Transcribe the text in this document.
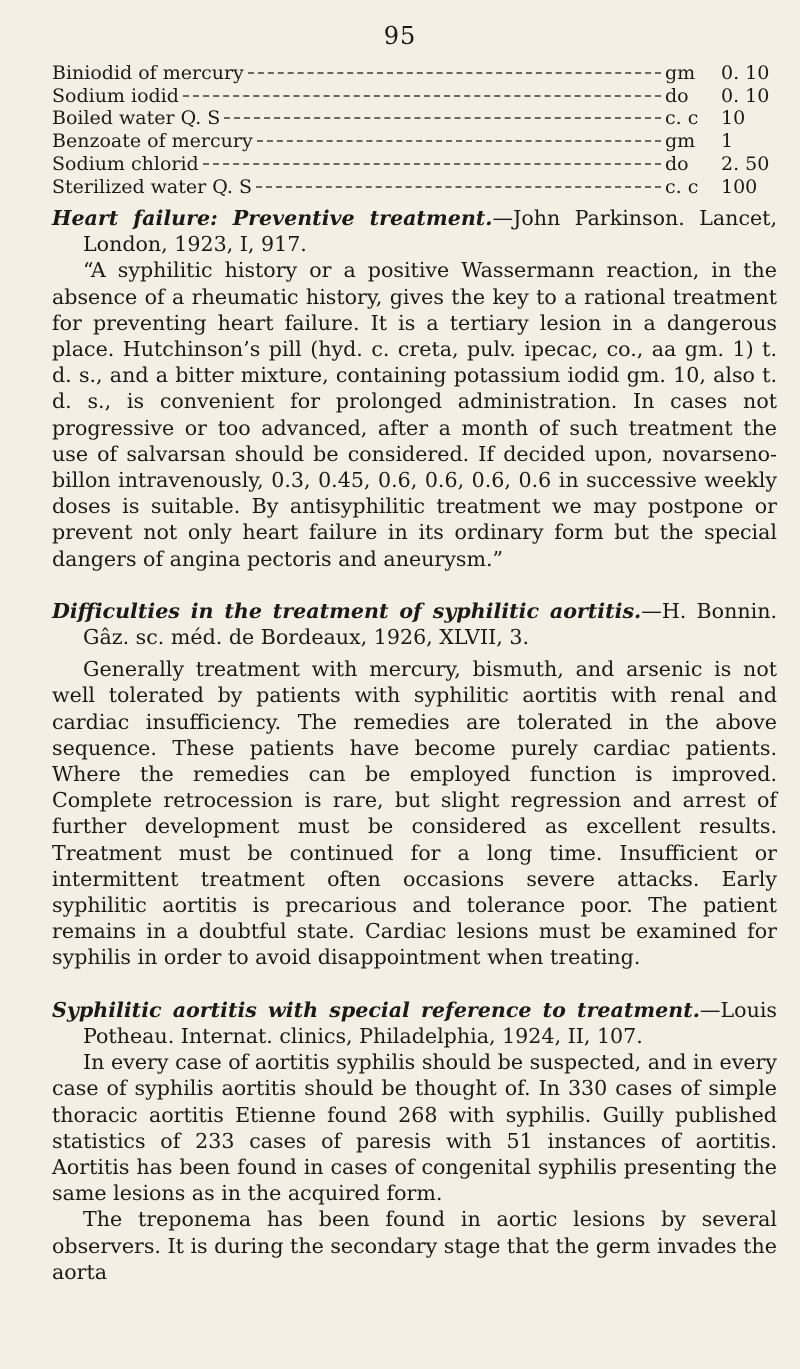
95
Biniodid of mercury	gm	0. 10
Sodium iodid	do	0. 10
Boiled water Q. S	c. c	10
Benzoate of mercury	gm	1
Sodium chlorid	do	2. 50
Sterilized water Q. S	c. c	100
Heart failure: Preventive treatment.—John Parkinson. Lancet,
London, 1923, I, 917.

“A syphilitic history or a positive Wassermann reaction, in the absence of a rheumatic history, gives the key to a rational treatment for preventing heart failure. It is a tertiary lesion in a dangerous place. Hutchinson’s pill (hyd. c. creta, pulv. ipecac, co., aa gm. 1) t. d. s., and a bitter mixture, containing potassium iodid gm. 10, also t. d. s., is convenient for prolonged administration. In cases not progressive or too advanced, after a month of such treatment the use of salvarsan should be considered. If decided upon, novarseno-billon intravenously, 0.3, 0.45, 0.6, 0.6, 0.6, 0.6 in successive weekly doses is suitable. By antisyphilitic treatment we may postpone or prevent not only heart failure in its ordinary form but the special dangers of angina pectoris and aneurysm.”

Difficulties in the treatment of syphilitic aortitis.—H. Bonnin.
Gâz. sc. méd. de Bordeaux, 1926, XLVII, 3.

Generally treatment with mercury, bismuth, and arsenic is not well tolerated by patients with syphilitic aortitis with renal and cardiac insufficiency. The remedies are tolerated in the above sequence. These patients have become purely cardiac patients. Where the remedies can be employed function is improved. Complete retrocession is rare, but slight regression and arrest of further development must be considered as excellent results. Treatment must be continued for a long time. Insufficient or intermittent treatment often occasions severe attacks. Early syphilitic aortitis is precarious and tolerance poor. The patient remains in a doubtful state. Cardiac lesions must be examined for syphilis in order to avoid disappointment when treating.

Syphilitic aortitis with special reference to treatment.—Louis
Potheau. Internat. clinics, Philadelphia, 1924, II, 107.

In every case of aortitis syphilis should be suspected, and in every case of syphilis aortitis should be thought of. In 330 cases of simple thoracic aortitis Etienne found 268 with syphilis. Guilly published statistics of 233 cases of paresis with 51 instances of aortitis. Aortitis has been found in cases of congenital syphilis presenting the same lesions as in the acquired form.

The treponema has been found in aortic lesions by several observers. It is during the secondary stage that the germ invades the aorta
